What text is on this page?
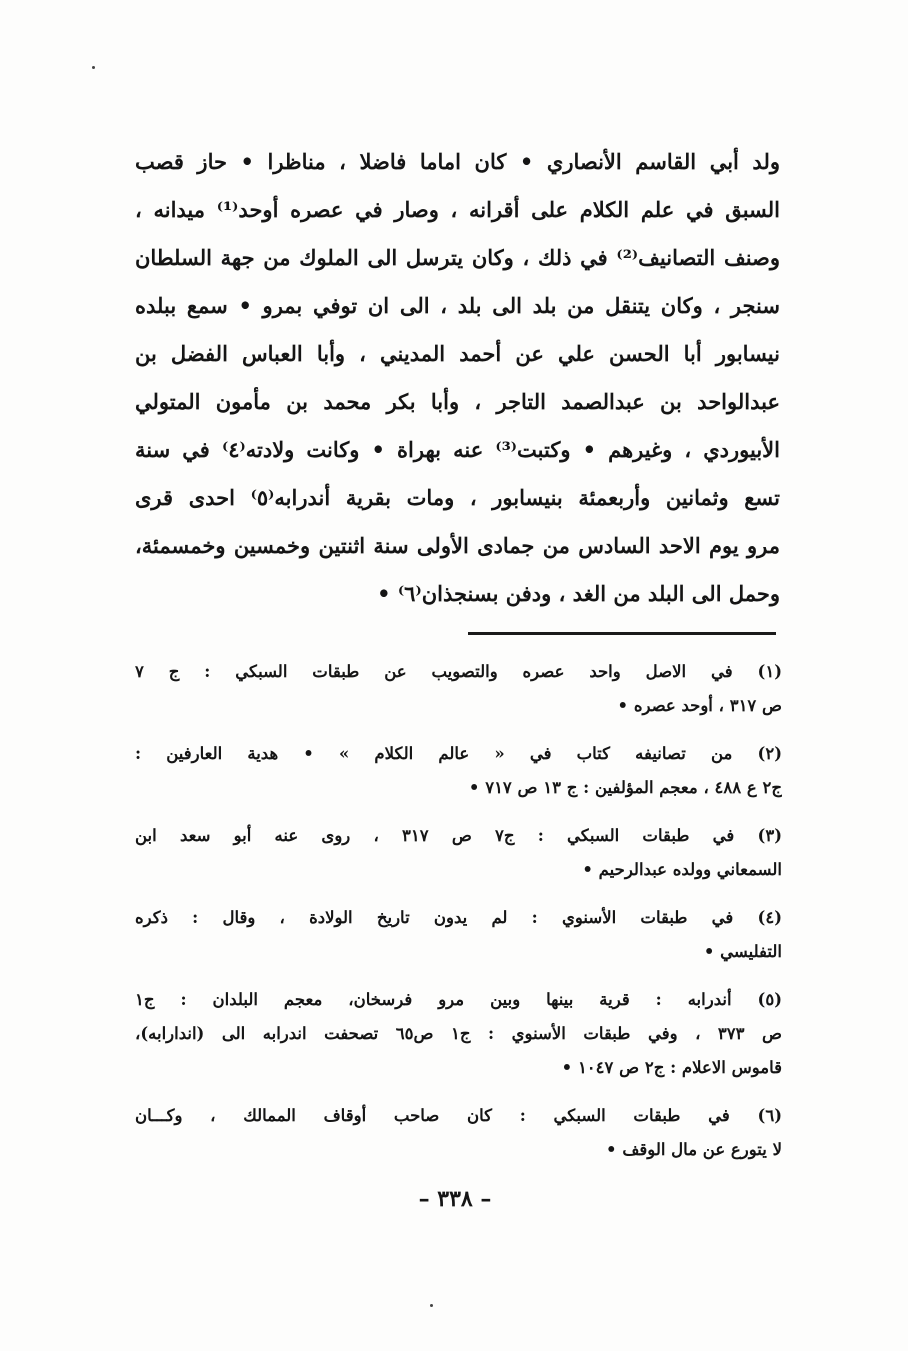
ولد أبي القاسم الأنصاري • كان اماما فاضلا ، مناظرا • حاز قصب
السبق في علم الكلام على أقرانه ، وصار في عصره أوحد⁽¹⁾ ميدانه ،
وصنف التصانيف⁽²⁾ في ذلك ، وكان يترسل الى الملوك من جهة السلطان
سنجر ، وكان يتنقل من بلد الى بلد ، الى ان توفي بمرو • سمع ببلده
نيسابور أبا الحسن علي عن أحمد المديني ، وأبا العباس الفضل بن
عبدالواحد بن عبدالصمد التاجر ، وأبا بكر محمد بن مأمون المتولي
الأبيوردي ، وغيرهم • وكتبت⁽³⁾ عنه بهراة • وكانت ولادته⁽٤⁾ في سنة
تسع وثمانين وأربعمئة بنيسابور ، ومات بقرية أندرابه⁽٥⁾ احدى قرى
مرو يوم الاحد السادس من جمادى الأولى سنة اثنتين وخمسين وخمسمئة،
وحمل الى البلد من الغد ، ودفن بسنجذان⁽٦⁾ •
(١) في الاصل واحد عصره والتصويب عن طبقات السبكي : ج ٧
ص ٣١٧ ، أوحد عصره •
(٢) من تصانيفه كتاب في « عالم الكلام » • هدية العارفين :
ج٢ ع ٤٨٨ ، معجم المؤلفين : ج ١٣ ص ٧١٧ •
(٣) في طبقات السبكي : ج٧ ص ٣١٧ ، روى عنه أبو سعد ابن
السمعاني وولده عبدالرحيم •
(٤) في طبقات الأسنوي : لم يدون تاريخ الولادة ، وقال : ذكره
التفليسي •
(٥) أندرابه : قرية بينها وبين مرو فرسخان، معجم البلدان : ج١
ص ٣٧٣ ، وفي طبقات الأسنوي : ج١ ص٦٥ تصحفت اندرابه الى (اندارابه)،
قاموس الاعلام : ج٢ ص ١٠٤٧ •
(٦) في طبقات السبكي : كان صاحب أوقاف الممالك ، وكـــان
لا يتورع عن مال الوقف •
– ٣٣٨ –
